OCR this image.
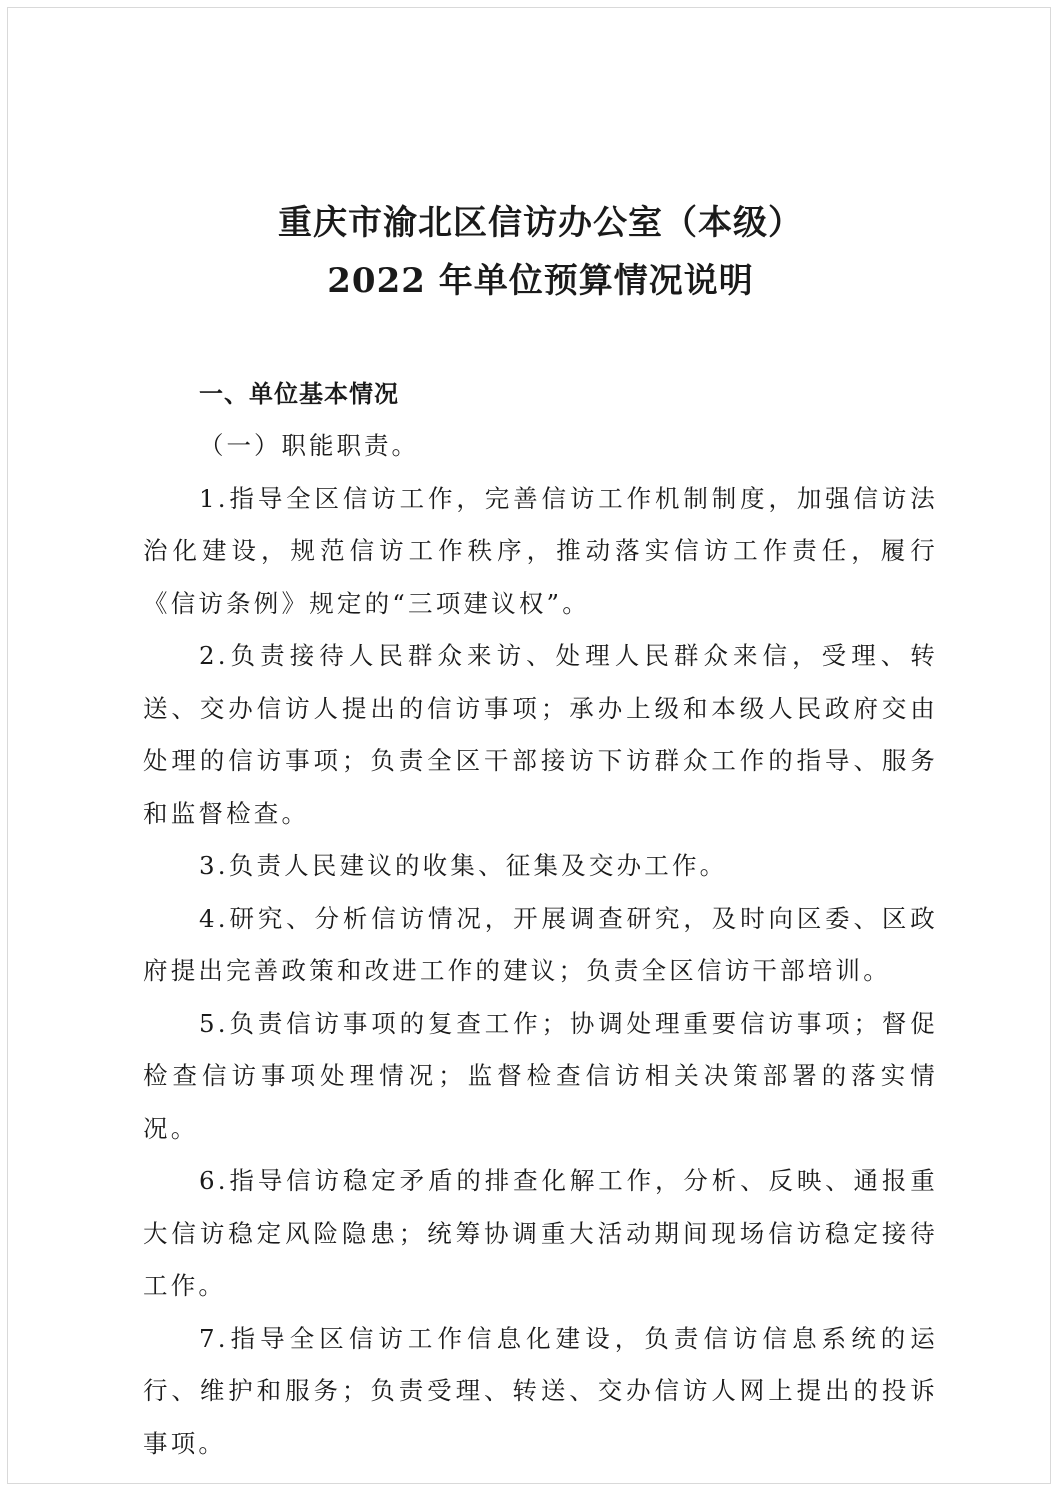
重庆市渝北区信访办公室（本级）
2022 年单位预算情况说明

一、单位基本情况

（一）职能职责。

1.指导全区信访工作，完善信访工作机制制度，加强信访法治化建设，规范信访工作秩序，推动落实信访工作责任，履行《信访条例》规定的“三项建议权”。

2.负责接待人民群众来访、处理人民群众来信，受理、转送、交办信访人提出的信访事项；承办上级和本级人民政府交由处理的信访事项；负责全区干部接访下访群众工作的指导、服务和监督检查。

3.负责人民建议的收集、征集及交办工作。

4.研究、分析信访情况，开展调查研究，及时向区委、区政府提出完善政策和改进工作的建议；负责全区信访干部培训。

5.负责信访事项的复查工作；协调处理重要信访事项；督促检查信访事项处理情况；监督检查信访相关决策部署的落实情况。

6.指导信访稳定矛盾的排查化解工作，分析、反映、通报重大信访稳定风险隐患；统筹协调重大活动期间现场信访稳定接待工作。

7.指导全区信访工作信息化建设，负责信访信息系统的运行、维护和服务；负责受理、转送、交办信访人网上提出的投诉事项。
